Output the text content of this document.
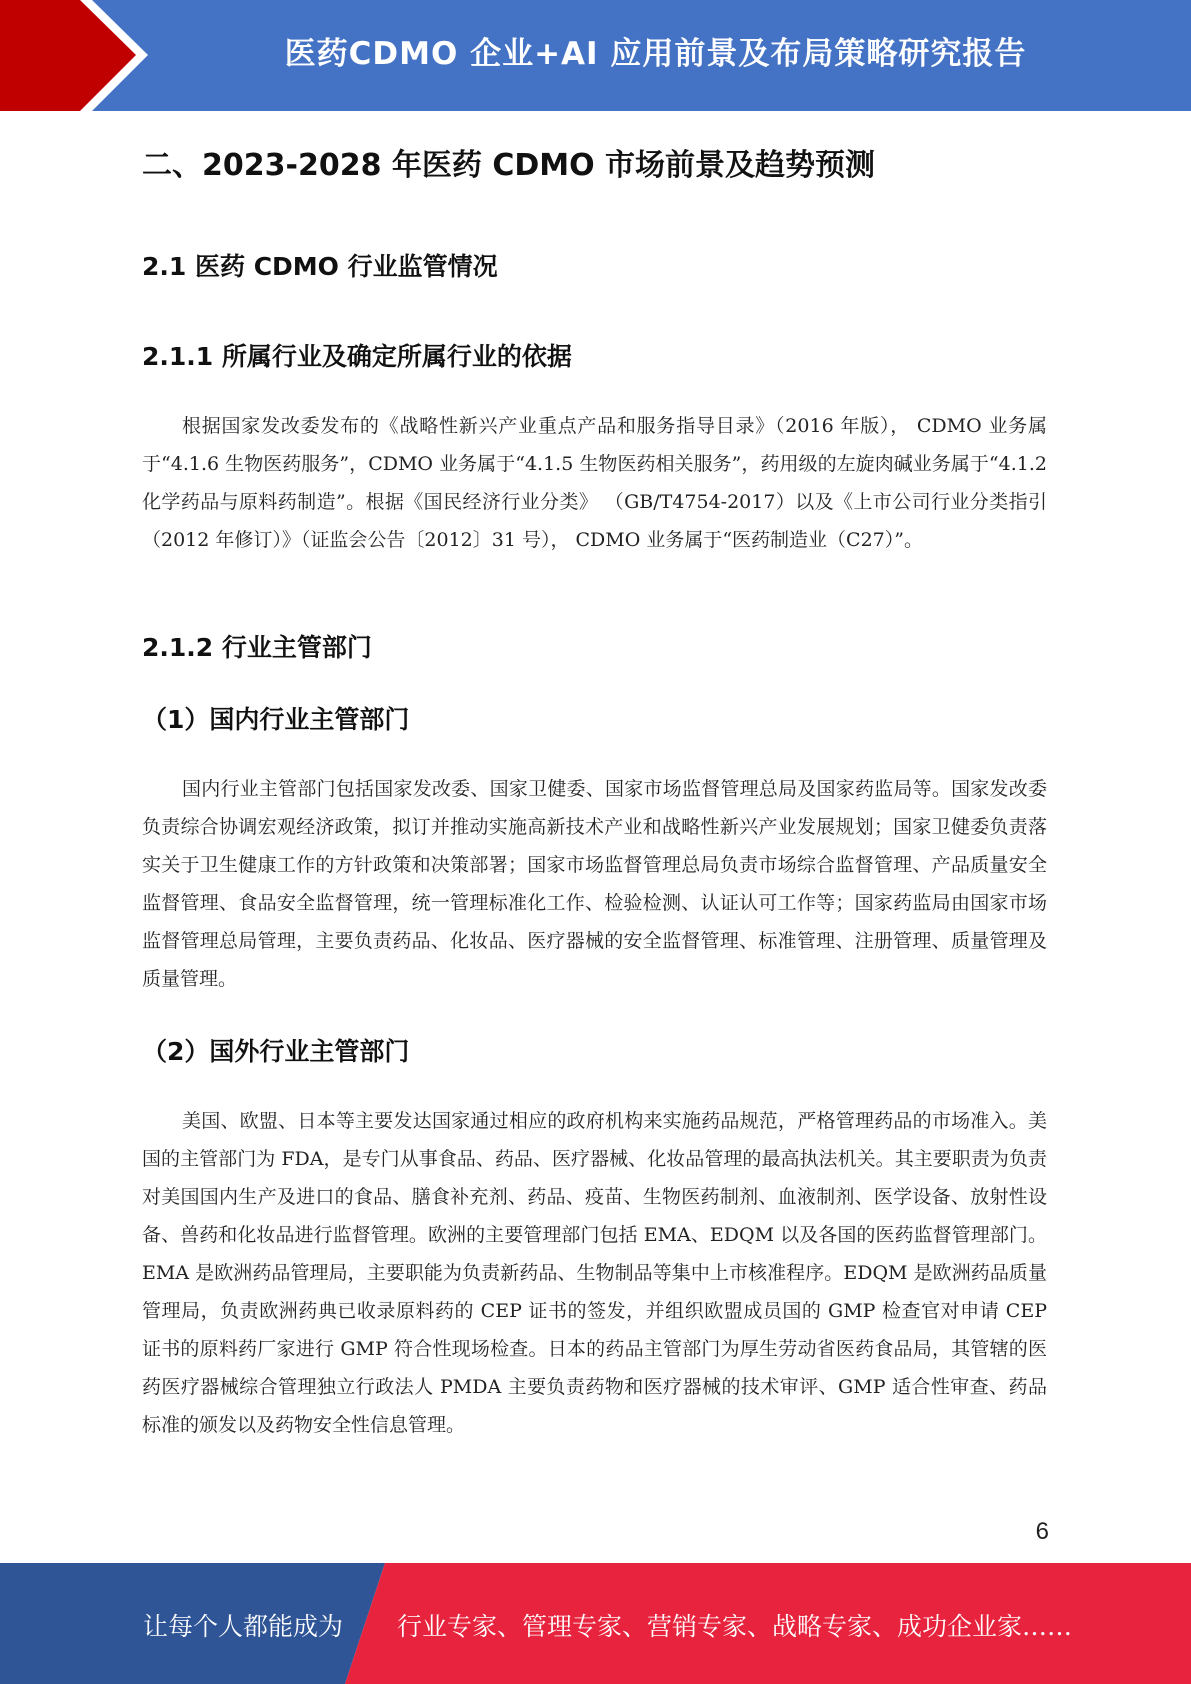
医药CDMO 企业+AI 应用前景及布局策略研究报告
二、2023-2028 年医药 CDMO 市场前景及趋势预测
2.1 医药 CDMO 行业监管情况
2.1.1 所属行业及确定所属行业的依据

根据国家发改委发布的《战略性新兴产业重点产品和服务指导目录》（2016 年版）， CDMO 业务属于“4.1.6 生物医药服务”，CDMO 业务属于“4.1.5 生物医药相关服务”，药用级的左旋肉碱业务属于“4.1.2 化学药品与原料药制造”。根据《国民经济行业分类》 （GB/T4754-2017）以及《上市公司行业分类指引（2012 年修订）》（证监会公告〔2012〕31 号）， CDMO 业务属于“医药制造业（C27）”。

2.1.2 行业主管部门
（1）国内行业主管部门

国内行业主管部门包括国家发改委、国家卫健委、国家市场监督管理总局及国家药监局等。国家发改委负责综合协调宏观经济政策，拟订并推动实施高新技术产业和战略性新兴产业发展规划；国家卫健委负责落实关于卫生健康工作的方针政策和决策部署；国家市场监督管理总局负责市场综合监督管理、产品质量安全监督管理、食品安全监督管理，统一管理标准化工作、检验检测、认证认可工作等；国家药监局由国家市场监督管理总局管理，主要负责药品、化妆品、医疗器械的安全监督管理、标准管理、注册管理、质量管理及质量管理。

（2）国外行业主管部门

美国、欧盟、日本等主要发达国家通过相应的政府机构来实施药品规范，严格管理药品的市场准入。美国的主管部门为 FDA，是专门从事食品、药品、医疗器械、化妆品管理的最高执法机关。其主要职责为负责对美国国内生产及进口的食品、膳食补充剂、药品、疫苗、生物医药制剂、血液制剂、医学设备、放射性设备、兽药和化妆品进行监督管理。欧洲的主要管理部门包括 EMA、EDQM 以及各国的医药监督管理部门。EMA 是欧洲药品管理局，主要职能为负责新药品、生物制品等集中上市核准程序。EDQM 是欧洲药品质量管理局，负责欧洲药典已收录原料药的 CEP 证书的签发，并组织欧盟成员国的 GMP 检查官对申请 CEP 证书的原料药厂家进行 GMP 符合性现场检查。日本的药品主管部门为厚生劳动省医药食品局，其管辖的医药医疗器械综合管理独立行政法人 PMDA 主要负责药物和医疗器械的技术审评、GMP 适合性审查、药品标准的颁发以及药物安全性信息管理。

6
让每个人都能成为 行业专家、管理专家、营销专家、战略专家、成功企业家……
